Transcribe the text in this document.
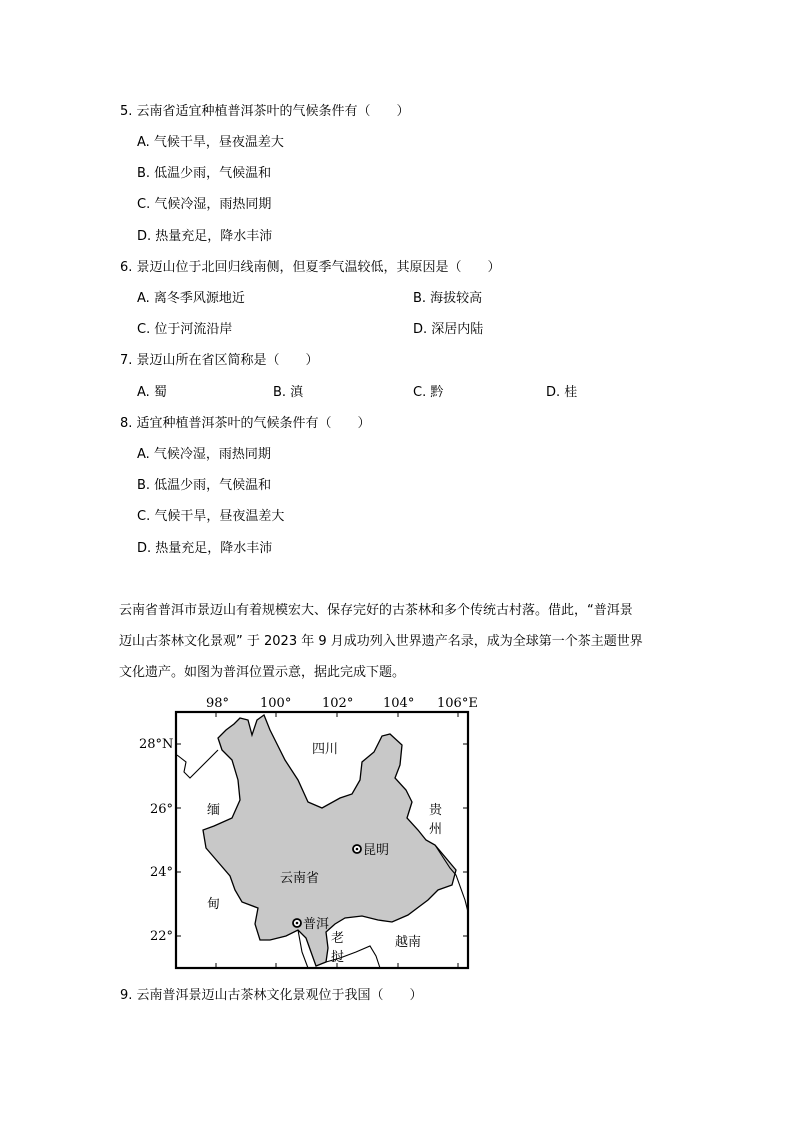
5. 云南省适宜种植普洱茶叶的气候条件有（　　）
A. 气候干旱，昼夜温差大
B. 低温少雨，气候温和
C. 气候冷湿，雨热同期
D. 热量充足，降水丰沛
6. 景迈山位于北回归线南侧，但夏季气温较低，其原因是（　　）
A. 离冬季风源地近	B. 海拔较高
C. 位于河流沿岸	D. 深居内陆
7. 景迈山所在省区简称是（　　）
A. 蜀	B. 滇	C. 黔	D. 桂
8. 适宜种植普洱茶叶的气候条件有（　　）
A. 气候冷湿，雨热同期
B. 低温少雨，气候温和
C. 气候干旱，昼夜温差大
D. 热量充足，降水丰沛
云南省普洱市景迈山有着规模宏大、保存完好的古茶林和多个传统古村落。借此，“普洱景
迈山古茶林文化景观” 于 2023 年 9 月成功列入世界遗产名录，成为全球第一个茶主题世界
文化遗产。如图为普洱位置示意，据此完成下题。
98° 100° 102° 104° 106°E
28°N
26°
24°
22°
四川
缅
甸
贵
州
云南省
老
挝
越南
昆明
普洱
9. 云南普洱景迈山古茶林文化景观位于我国（　　）
